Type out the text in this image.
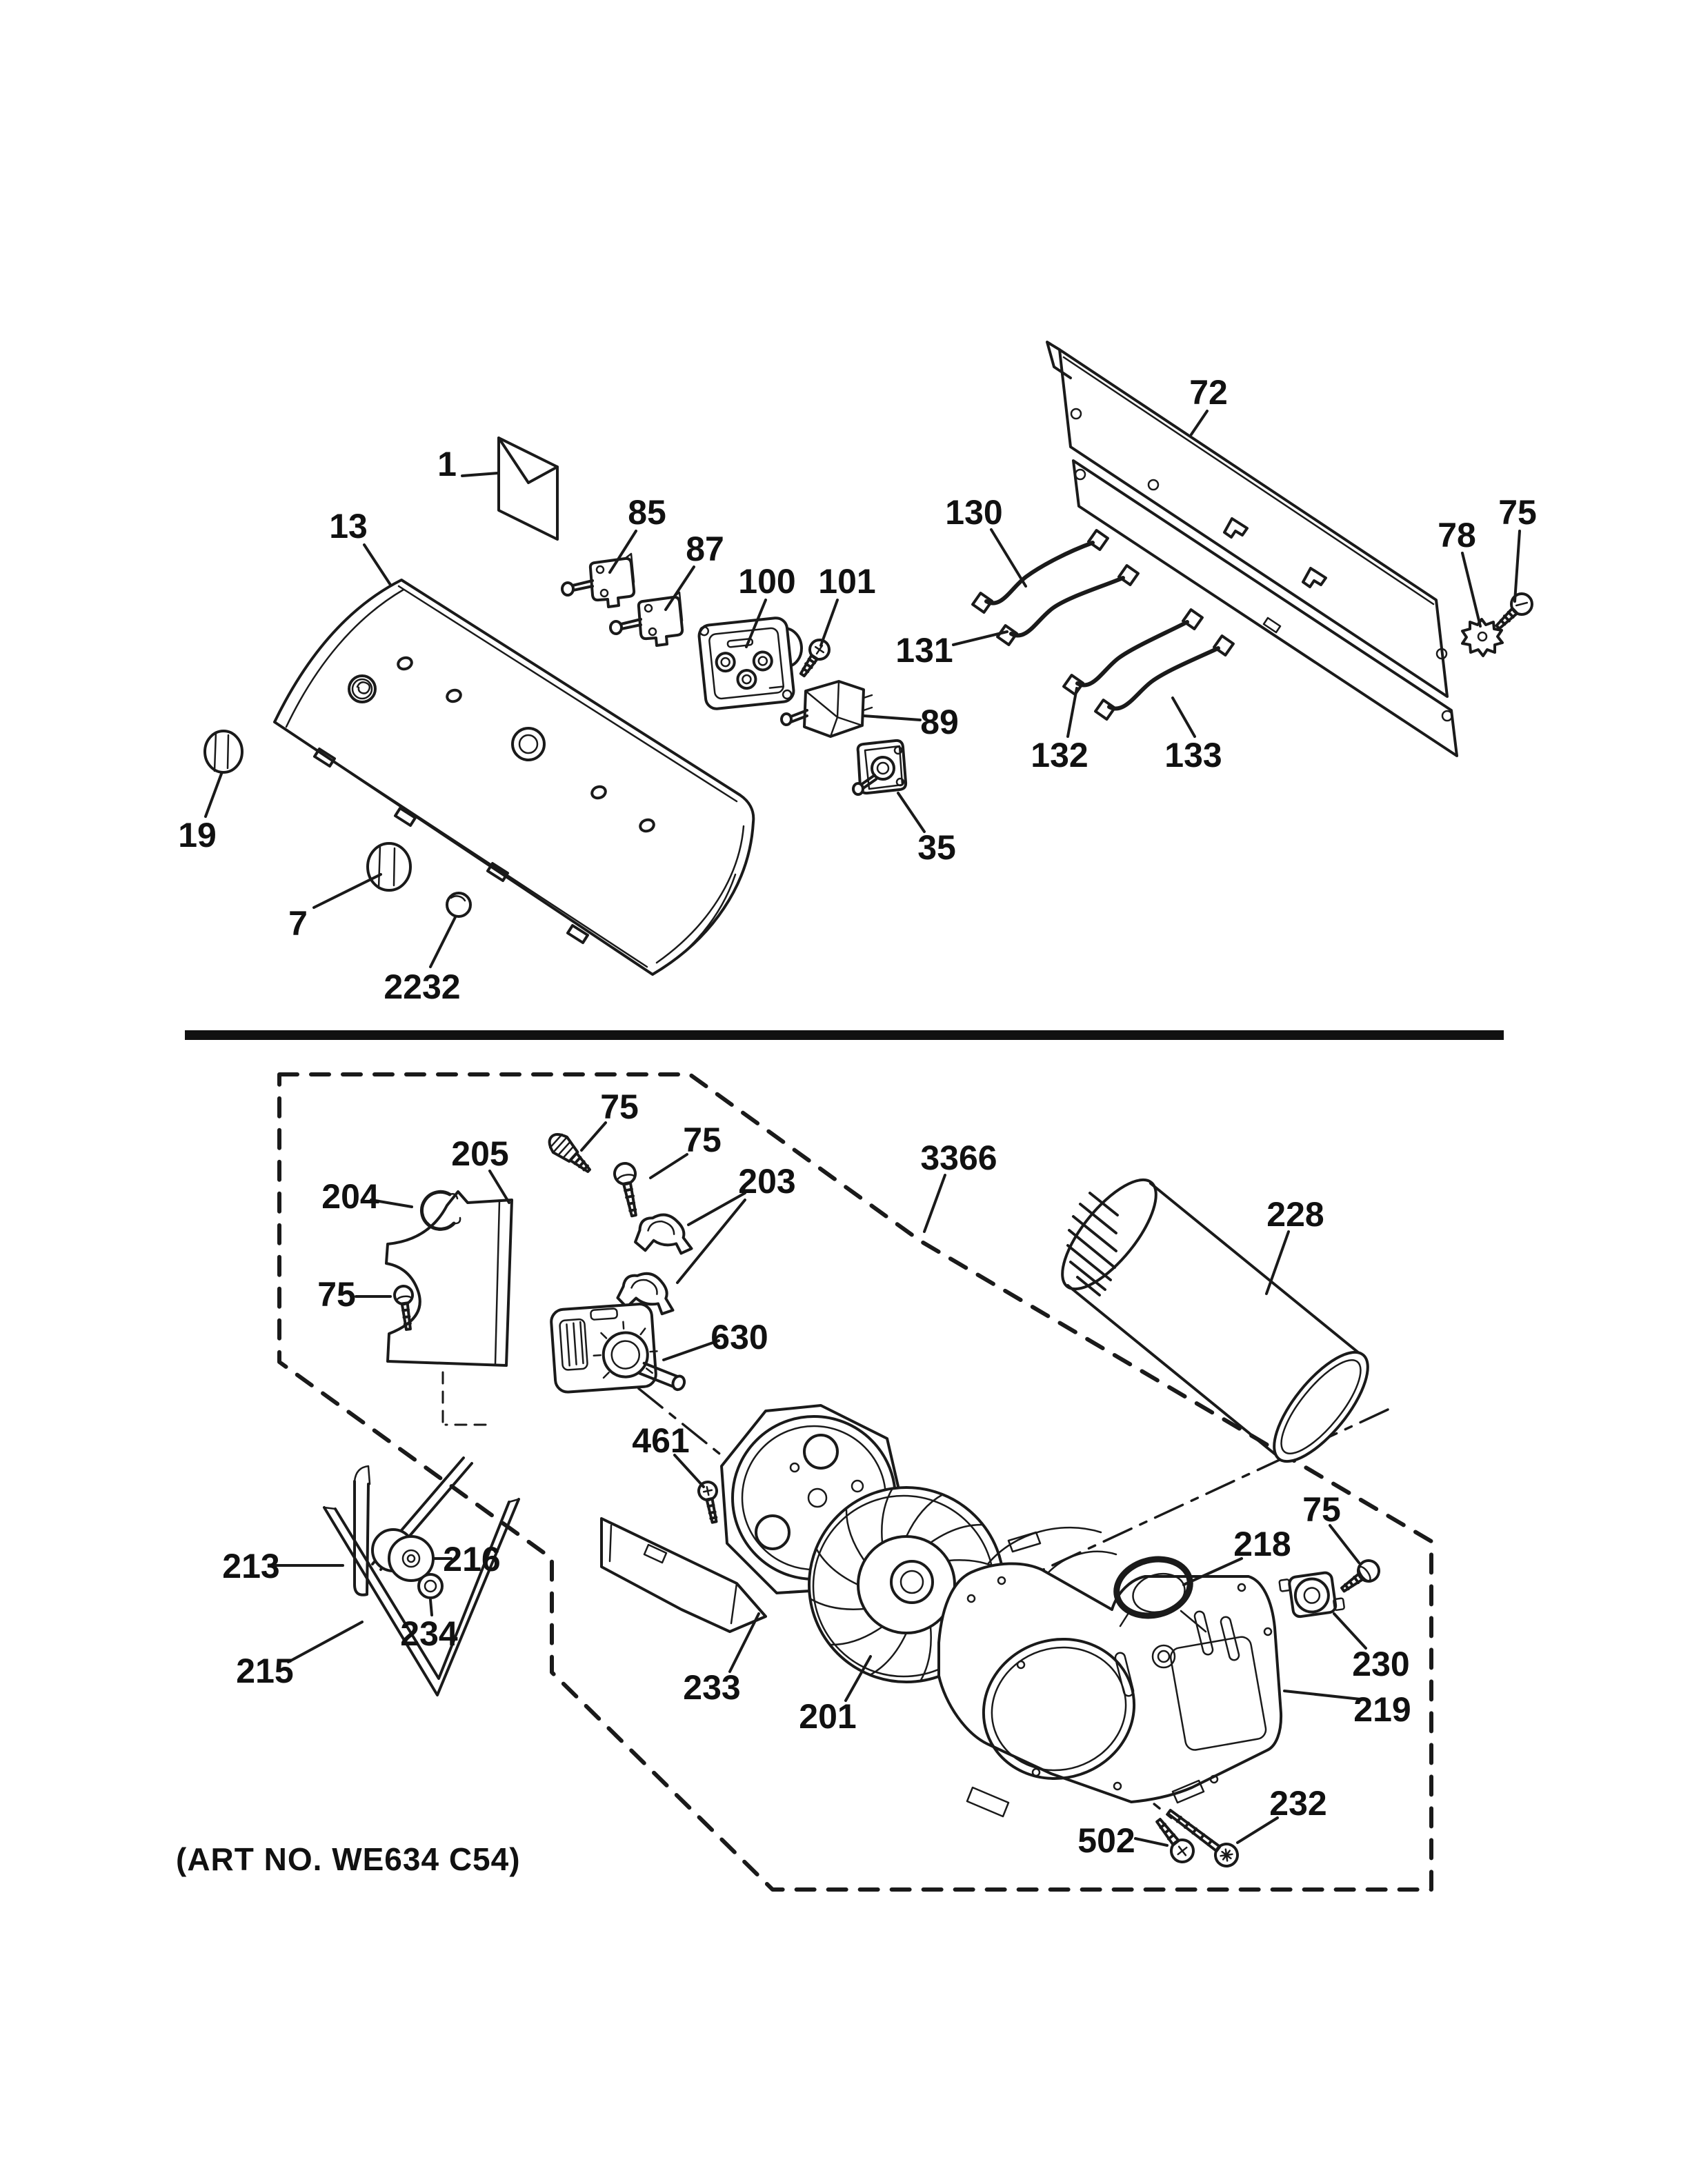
1
13	85
87
100 101
89
35
19
7
2232
72
130
131
132 133
78
75
75
75
203
205
204
75
630
461
3366
228
213	216
234
215	233
201
218
75
230
219
232
502
(ART NO. WE634 C54)
